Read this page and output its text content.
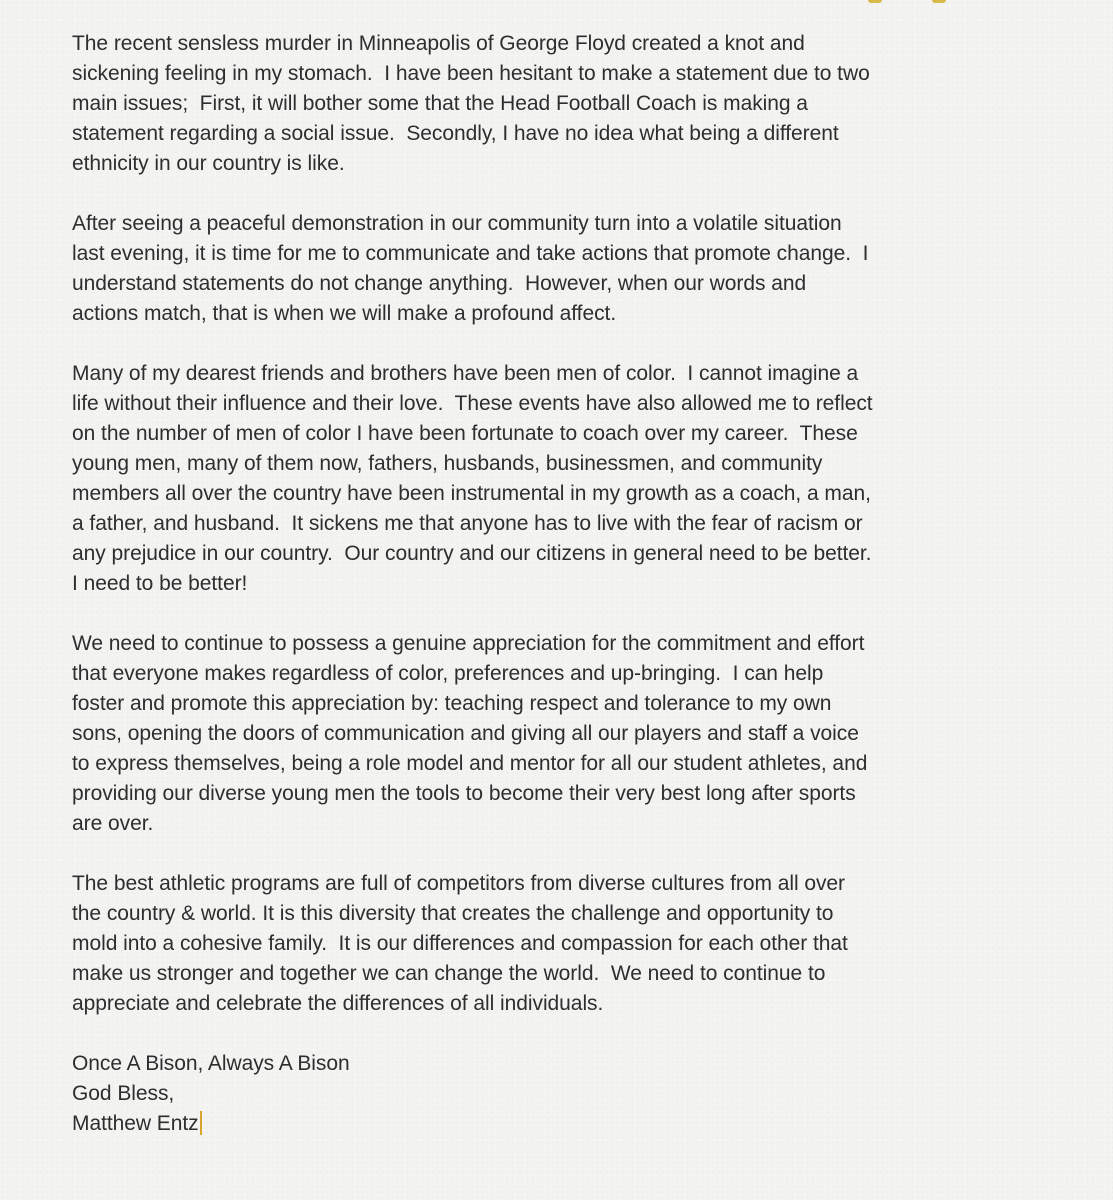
The recent sensless murder in Minneapolis of George Floyd created a knot and
sickening feeling in my stomach.  I have been hesitant to make a statement due to two
main issues;  First, it will bother some that the Head Football Coach is making a
statement regarding a social issue.  Secondly, I have no idea what being a different
ethnicity in our country is like.

After seeing a peaceful demonstration in our community turn into a volatile situation
last evening, it is time for me to communicate and take actions that promote change.  I
understand statements do not change anything.  However, when our words and
actions match, that is when we will make a profound affect.

Many of my dearest friends and brothers have been men of color.  I cannot imagine a
life without their influence and their love.  These events have also allowed me to reflect
on the number of men of color I have been fortunate to coach over my career.  These
young men, many of them now, fathers, husbands, businessmen, and community
members all over the country have been instrumental in my growth as a coach, a man,
a father, and husband.  It sickens me that anyone has to live with the fear of racism or
any prejudice in our country.  Our country and our citizens in general need to be better.
I need to be better!

We need to continue to possess a genuine appreciation for the commitment and effort
that everyone makes regardless of color, preferences and up-bringing.  I can help
foster and promote this appreciation by: teaching respect and tolerance to my own
sons, opening the doors of communication and giving all our players and staff a voice
to express themselves, being a role model and mentor for all our student athletes, and
providing our diverse young men the tools to become their very best long after sports
are over.

The best athletic programs are full of competitors from diverse cultures from all over
the country & world. It is this diversity that creates the challenge and opportunity to
mold into a cohesive family.  It is our differences and compassion for each other that
make us stronger and together we can change the world.  We need to continue to
appreciate and celebrate the differences of all individuals.

Once A Bison, Always A Bison
God Bless,
Matthew Entz
